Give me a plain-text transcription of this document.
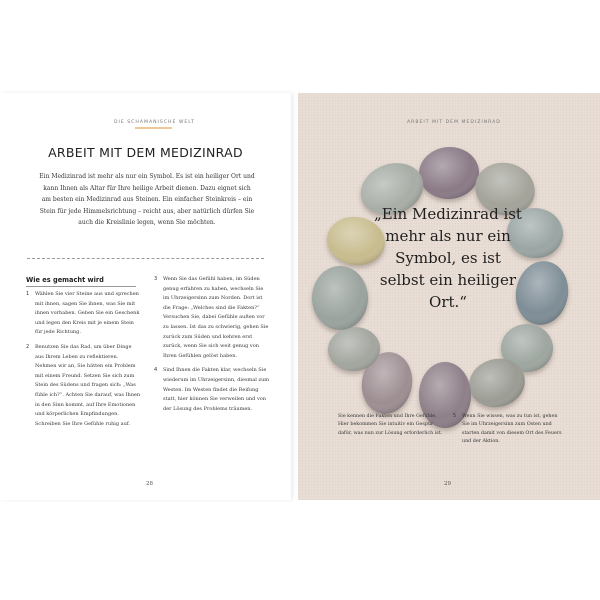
DIE SCHAMANISCHE WELT
ARBEIT MIT DEM MEDIZINRAD
Ein Medizinrad ist mehr als nur ein Symbol. Es ist ein heiliger Ort und kann Ihnen als Altar für Ihre heilige Arbeit dienen. Dazu eignet sich am besten ein Medizinrad aus Steinen. Ein einfacher Steinkreis – ein Stein für jede Himmelsrichtung – reicht aus, aber natürlich dürfen Sie auch die Kreislinie legen, wenn Sie möchten.
Wie es gemacht wird
1 Wählen Sie vier Steine aus und sprechen mit ihnen, sagen Sie ihnen, was Sie mit ihnen vorhaben. Geben Sie ein Geschenk und legen den Kreis mit je einem Stein für jede Richtung.
2 Benutzen Sie das Rad, um über Dinge aus Ihrem Leben zu reflektieren. Nehmen wir an, Sie hätten ein Problem mit einem Freund. Setzen Sie sich zum Stein des Südens und fragen sich: „Was fühle ich?“. Achten Sie darauf, was Ihnen in den Sinn kommt, auf Ihre Emotionen und körperlichen Empfindungen. Schreiben Sie Ihre Gefühle ruhig auf.
3 Wenn Sie das Gefühl haben, im Süden genug erfahren zu haben, wechseln Sie im Uhrzeigersinn zum Norden. Dort ist die Frage: „Welches sind die Fakten?“ Versuchen Sie, dabei Gefühle außen vor zu lassen. Ist das zu schwierig, gehen Sie zurück zum Süden und kehren erst zurück, wenn Sie sich weit genug von Ihren Gefühlen gelöst haben.
4 Sind Ihnen die Fakten klar, wechseln Sie wiederum im Uhrzeigersinn, diesmal zum Westen. Im Westen findet die Reifung statt, hier können Sie verweilen und von der Lösung des Problems träumen.
28
ARBEIT MIT DEM MEDIZINRAD
„Ein Medizinrad ist mehr als nur ein Symbol, es ist selbst ein heiliger Ort.“
Sie kennen die Fakten und Ihre Gefühle. Hier bekommen Sie intuitiv ein Gespür dafür, was nun zur Lösung erforderlich ist.
5 Wenn Sie wissen, was zu tun ist, gehen Sie im Uhrzeigersinn zum Osten und starten damit von diesem Ort des Feuers und der Aktion.
29
